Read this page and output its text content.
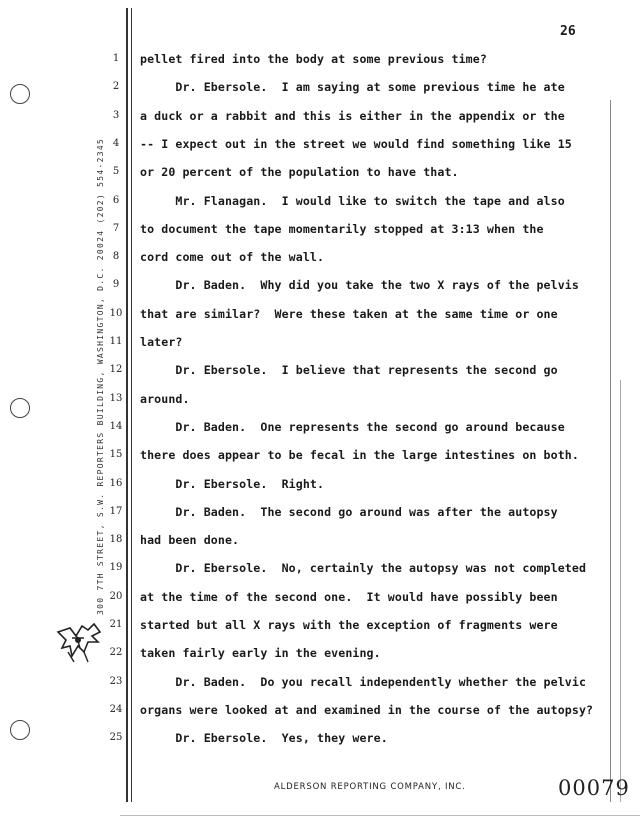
26
300 7TH STREET, S.W. REPORTERS BUILDING, WASHINGTON, D.C. 20024 (202) 554-2345
1	pellet fired into the body at some previous time?
2	Dr. Ebersole.  I am saying at some previous time he ate
3	a duck or a rabbit and this is either in the appendix or the
4	-- I expect out in the street we would find something like 15
5	or 20 percent of the population to have that.
6	Mr. Flanagan.  I would like to switch the tape and also
7	to document the tape momentarily stopped at 3:13 when the
8	cord come out of the wall.
9	Dr. Baden.  Why did you take the two X rays of the pelvis
10 that are similar?  Were these taken at the same time or one
11 later?
12 Dr. Ebersole.  I believe that represents the second go
13 around.
14 Dr. Baden.  One represents the second go around because
15 there does appear to be fecal in the large intestines on both.
16 Dr. Ebersole.  Right.
17 Dr. Baden.  The second go around was after the autopsy
18 had been done.
19 Dr. Ebersole.  No, certainly the autopsy was not completed
20 at the time of the second one.  It would have possibly been
21 started but all X rays with the exception of fragments were
22 taken fairly early in the evening.
23 Dr. Baden.  Do you recall independently whether the pelvic
24 organs were looked at and examined in the course of the autopsy?
25 Dr. Ebersole.  Yes, they were.
ALDERSON REPORTING COMPANY, INC.	00079
